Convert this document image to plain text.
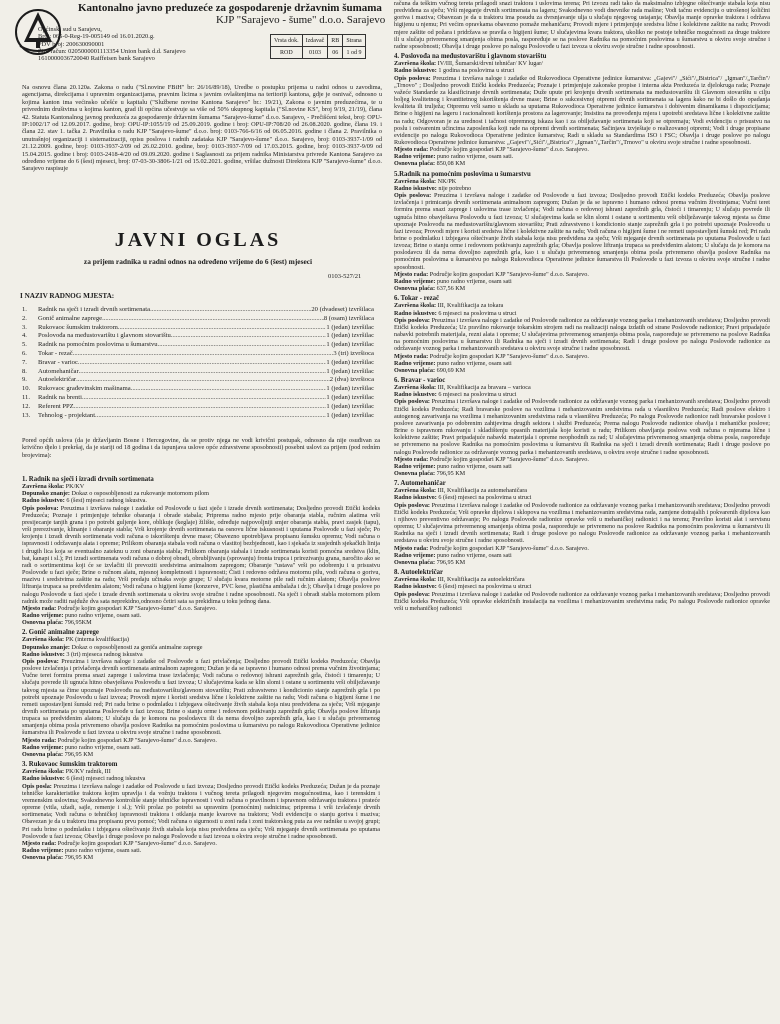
Kantonalno javno preduzeće za gospodarenje državnim šumama
KJP "Sarajevo - šume" d.o.o. Sarajevo
Općinski sud u Sarajevu,
Broj: 065-0-Reg-19-005149 od 16.01.2020.g.
PDV broj: 200630090001
Žiro račun: 0205000001113354 Union bank d.d. Sarajevo
1610000036720040 Raiffeisen bank Sarajevo
Vrsta dok.	Izdavač	RB	Strana
ROD	0103	06	1 od 9
Na osnovu člana 20.120a. Zakona o radu ("Sl.novine FBiH" br: 26/16/89/18), Uredbe o postupku prijema u radni odnos u zavodima, agencijama, direkcijama i upravnim organizacijama, pravnim licima s javnim ovlaštenjima na teritoriji kantona, gdje je osnivač, odnosno u kojima kanton ima većinsko učešće u kapitalu ("Službene novine Kantona Sarajevo" br.: 19/21), Zakona o javnim preduzećima, te u privrednim društvima u kojima kanton, grad ili općina učestvuje sa više od 50% ukupnog kapitala ("Sl.novine KS", broj 9/19, 21/19), člana 42. Statuta Kantonalnog javnog preduzeća za gospodarenje državnim šumama "Sarajevo-šume" d.o.o. Sarajevo, - Prečišćeni tekst, broj: OPU-IP:1002/17 od 12.09.2017. godine, broj: OPU-IP:1055/19 od 25.09.2019. godine i broj: OPU-IP:708/20 od 26.08.2020. godine, člana 19. i člana 22. stav 1. tačka 2. Pravilnika o radu KJP "Sarajevo-šume" d.o.o. broj: 0103-766-6/16 od 06.05.2016. godine i člana 2. Pravilnika o unutrašnjoj organizaciji i sistematizaciji, opisu poslova i radnih zadataka KJP "Sarajevo-šume" d.o.o. Sarajevo, broj: 0103-3937-1/09 od 21.12.2009. godine, broj: 0103-3937-2/09 od 26.02.2010. godine, broj: 0103-3937-7/09 od 17.03.2015. godine, broj: 0103-3937-9/09 od 15.04.2015. godine i broj: 0103-2418-4/20 od 09.09.2020. godine i Saglasnosti za prijem radnika Ministarstva privrede Kantona Sarajevo za određeno vrijeme do 6 (šest) mjeseci, broj: 07-03-30-3806-1/21 od 15.02.2021. godine, vršilac dužnosti Direktora KJP "Sarajevo-šume" d.o.o. Sarajevo raspisuje
JAVNI OGLAS
za prijem radnika u radni odnos na određeno vrijeme do 6 (šest) mjeseci
0103-527/21
I NAZIV RADNOG MJESTA:
1.	Radnik na sječi i izradi drvnih sortimenata .....	20 (dvadeset) izvršilaca
2.	Gonič animalne zaprege .....	8 (osam) izvršilaca
3.	Rukovaoc šumskim traktorom .....	1 (jedan) izvršilac
4.	Poslovođa na međustovarištu i glavnom stovarištu .....	1 (jedan) izvršilac
5.	Radnik na pomoćnim poslovima u šumarstvu .....	1 (jedan) izvršilac
6.	Tokar - rezač .....	3 (tri) izvršioca
7.	Bravar - varioc .....	1 (jedan) izvršilac
8.	Automehaničar .....	1 (jedan) izvršilac
9.	Autoelektričar .....	2 (dva) izvršioca
10.	Rukovaoc građevinskim mašinama .....	1 (jedan) izvršilac
11.	Radnik na brenti .....	1 (jedan) izvršilac
12.	Referent PPZ .....	1 (jedan) izvršilac
13.	Tehnolog - projektant .....	1 (jedan) izvršilac
Pored općih uslova (da je državljanin Bosne i Hercegovine, da se protiv njega ne vodi krivični postupak, odnosno da nije osuđivan za krivično djelo i prekršaj, da je stariji od 18 godina i da ispunjava uslove opće zdravstvene sposobnosti) posebni uslovi za prijem (pod redním brojevima):
1. Radnik na sječi i izradi drvnih sortimenata
Završena škola: PK/KV
Dopunsko znanje: Dokaz o osposobljenosti za rukovanje motornom pilom
Radno iskustvo: 6 (šest) mjeseci radnog iskustva.
Opis poslova: Preuzima i izvršava naloge i zadatke od Poslovođe u fazi sječe i izrade drvnih sortimenata; Dosljedno provodi Etički kodeks Preduzeća; Poznaje i primjenjuje tehnike obaranja i obrade stabala; Priprema radno mjesto prije obaranja stabla, ručnim alatima vrši presijecanje tanjih grana i po potrebi guljenje kore, oblikuje (keglaje) žilište, određuje najpovoljniji smjer obaranja stabla, pravi zasjek (tapu), vrši prerezivanje, klinanje i obaranje stabla; Vrši krojenje drvnih sortimenata na osnovu lične iskusnosti i uputama Poslovođe u fazi sječe; Po krojenju i izradi drvnih sortimenata vodi računa o iskorištenju drvne mase; Obavezno upotrebljava propisanu šumsku opremu; Vodi računa o ispravnosti i održavanju alata i opreme; Prilikom obaranja stabala vodi računa o vlastitoj bezbjednosti, kao i sjekača iz susjednih sjekačkih linija i drugih lica koja se eventualno zateknu u zoni obaranja stabla; Prilikom obaranja stabala i izrade sortimenata koristi pomoćna sredstva (klin, bat, kanapi i sl.); Pri izradi sortimenata vodi računa o dobroj obradi, obrubljivanju (sprovanju) fronta trupca i prirezivanju grana, naročito ako se radi o sortimentima koji će se izvlačiti ili prevoziti sredstvima animalnom zapregom; Obaranje "ustava" vrši po odobrenju i u prisustvu Poslovođe u fazi sječe; Brine o ručnom alatu, mjesnoj kompletnosti i ispravnosti; Čisti i redovno održava motornu pilu, vodi računa o gorivu, mazivu i sredstvima zaštite na radu; Vrši predaju učinaka svoje grupe; U slučaju kvara motorne pile radi ručnim alatom; Obavlja poslove liftranja trupaca sa predviđenim alatom; Vodi računa o higijeni šume (konzerve, PVC kese, plastična ambalaža i dr.); Obavlja i druge poslove po nalogu Poslovođe u fazi sječe i izrade drvnih sortimenata u okviru svoje stručne i radne sposobnosti. Na sječi i obradi stabla motornom pilom radnik može raditi najduže dva sata neprekidno,odnosno četiri sata sa prekidima u toku jednog dana.
Mjesto rada: Područje kojim gospodari KJP "Sarajevo-šume" d.o.o. Sarajevo.
Radno vrijeme: puno radno vrijeme, osam sati.
Osnovna plaća: 796,95KM
2. Gonič animalne zaprege
Završena škola: PK (interna kvalifikacija)
Dopunsko znanje: Dokaz o osposobljenosti za goniča animalne zaprege
Radno iskustvo: 3 (tri) mjeseca radnog iskustva
Opis poslova: Preuzima i izvršava naloge i zadatke od Poslovođe u fazi privlačenja; Dosljedno provodi Etički kodeks Preduzeća; Obavlja poslove izvlačenja i privlačenja drvnih sortimenata animalnom zapregom; Dužan je da se ispravno i humano odnosi prema vučnim životinjama; Vučne teret formira prema snazi zaprege i uslovima trase izvlačenja; Vodi računa o redovnoj ishrani zaprežnih grla, čistoći i timarenju; U slučaju povrede ili ugnuća hitno obavještava Poslovođu u fazi izvoza; U slučajevima kada se klin slomi i ostane u sortimentu vrši obilježavanje takvog mjesta sa čime upoznaje Poslovođu na međustovarištu/glavnom stovarištu; Prati zdravstveno i kondicionio stanje zaprežnih grla i po potrebi upoznaje Poslovođu u fazi izvoza; Provodi mjere i koristi sredstva lične i kolektivne zaštite na radu; Vodi računa o higijeni šume i ne remeti uspostavljeni šumski red; Pri radu brine o podmlatku i izbjegava oštećivanje živih stabala koja nisu predviđena za sječu; Vrši mjeganje drvnih sortimenata po uputama Poslovođe u fazi izvoza; Brine o stanju orme i redovnom potkivanju zaprežnih grla; Obavlja poslove liftranja trupaca sa predviđenim alatom; U slučaju da je komora na poslodavcu ili da nema dovoljno zaprežnih grla, kao i u slučaju privremenog smanjenja obima posla privremeno obavlja poslove Radnika na pomoćnim poslovima u šumarstvu po nalogu Rukovodioca Operativne jedinice šumarstva ili Poslovođe u fazi izvoza u okviru svoje stručne i radne sposobnosti.
Mjesto rada: Područje kojim gospodari KJP "Sarajevo-šume" d.o.o. Sarajevo.
Radno vrijeme: puno radno vrijeme, osam sati.
Osnovna plaća: 796,95 KM
3. Rukovaoc šumskim traktorom
Završena škola: PK/KV radnik, III
Radno iskustvo: 6 (šest) mjeseci radnog iskustva
Opis posla: Preuzima i izvršava naloge i zadatke od Poslovođe u fazi izvoza; Dosljedno provodi Etički kodeks Preduzeća; Dužan je da poznaje tehničke karakteristike traktora kojim upravlja i da vožnju traktora i vučnog tereta prilagodi njegovim mogućnostima, kao i terenskim i vremenskim uslovima; Svakodnevno kontroliše stanje tehničke ispravnosti i vodi računa o pravilnom i ispravnom održavanju traktora i prateće opreme (vitla, užadi, sajle, remenje i sl.); Vrši prolaz po potrebi sa upravnim (pomoćnim) radnicima; priprema i vrši izvlačenje drvnih sortimenata; Vodi računa o tehničkoj ispravnosti traktora i otklanja manje kvarove na traktoru; Vodi evidenciju o stanju goriva i maziva; Obavezan je da u traktoru ima propisanu prvu pomoć; Vodi računa o sigurnosti u zoni rada i zoni traktorskog puta za sve radnike u svojoj grupi; Pri radu brine o podmlatku i izbjegava oštećivanje živih stabala koja nisu predviđena za sječu; Vrši mjeganje drvnih sortimenata po uputama Poslovođe u fazi izvoza; Obavlja i druge poslove po nalogu Poslovođe u fazi izvoza u okviru svoje stručne i radne sposobnosti.
Mjesto rada: Područje kojim gospodari KJP "Sarajevo-šume" d.o.o. Sarajevo.
Radno vrijeme: puno radno vrijeme, osam sati.
Osnovna plaća: 796,95 KM
računa da teškim vučnog tereta prilagodi snazi traktora i uslovima terena; Pri izvozu radi tako da maksimalno izbjegne oštećivanje stabala koja nisu predviđena za sječu; Vrši mjeganje drvnih sortimenata na lageru; Svakodnevno vodi dnevnike rada mašine; Vodi tačnu evidenciju o utrošenoj količini goriva i maziva; Obavezan je da u traktoru ima posudu za dvrsnjavanje ulja u slučaju njegovog ustajanja; Obavlja manje opravke traktora i održava higijenu u njemu; Pri većim opravkama obavezno pomaže mehaničaru; Provodi mjere i primjenjuje sredstva lične i kolektivne zaštite na radu; Provodi mjere zaštite od požara i pridržava se pravila o higijeni šume; U slučajevima kvara traktora, ukoliko ne postoje tehničke mogućnosti za druge traktore ili u slučaju privremenog smanjenja obima posla, raspoređuje se na poslove Radnika na pomoćnim poslovima u šumarstvu u okviru svoje stručne i radne sposobnosti; Obavlja i druge poslove po nalogu Poslovođe u fazi izvoza u okviru svoje stručne i radne sposobnosti.
4. Poslovođa na međustovarištu i glavnom stovarištu
Završena škola: IV/III, Šumarski/drvni tehničar/ KV lugar/
Radno iskustvo: 1 godina na poslovima u struci
Opis poslova: Preuzima i izvršava naloge i zadatke od Rukovodioca Operativne jedinice šumarstva: „Gajevi"/ „Sići"/„Bistrica"/ „Igman"/„Tarčin"/„Trnovo" ; Dosljedno provodi Etički kodeks Preduzeća; Poznaje i primjenjuje zakonske propise i interna akta Preduzeća iz djelokruga rada; Poznaje važeće Standarde za klasificiranje drvnih sortimenata; Duže upute pri krojenju drvnih sortimenata na međustovarištu ili Glavnom stovarištu u cilju boljeg kvalitetnog i kvantitetnog iskorištenja drvne mase; Brine o sukcesivnoj otpremi drvnih sortimenata sa lagera kako ne bi došlo do opadanja kvaliteta ili trulježa; Otpremu vrši samo u skladu sa uputama Rukovodioca Operativne jedinice šumarstva i dobivenim dinamikama i dispozicijama; Brine o higijeni na lageru i racionalnosti korištenja prostora za lagerovanje; Insistira na provođenju mjera i upotrebi sredstava lične i kolektivne zaštite na radu; Odgovoran je za urednost i tačnost otpremnog iskaza kao i za obilježavanje sortimenata koji se otpremaju; Vodi evidenciju o prisustvu na poslu i ostvarenim učincima zaposlenika koji rade na otpremi drvnih sortimenata; Sačinjava izvještaje o realizovanoj otpremi; Vodi i druge propisane evidencije po nalogu Rukovodioca Operativne jedinice šumarstva; Radi u skladu sa Standardima ISO i FSC; Obavlja i druge poslove po nalogu Rukovodioca Operativne jedinice šumarstva: „Gajevi"/„Sići"/„Bistrica"/ „Igman"/„Tarčin"/„Trnovo" u okviru svoje stručne i radne sposobnosti.
Mjesto rada: Područje kojim gospodari KJP "Sarajevo-šume" d.o.o. Sarajevo.
Radno vrijeme: puno radno vrijeme, osam sati.
Osnovna plaća: 850,08 KM
5.Radnik na pomoćnim poslovima u šumarstvu
Završena škola: NK/PK
Radno iskustvo: nije potrebno
Opis poslova: Preuzima i izvršava naloge i zadatke od Poslovođe u fazi izvoza; Dosljedno provodi Etički kodeks Preduzeća; Obavlja poslove izvlačenja i primicanja drvnih sortimenata animalnom zapregom; Dužan je da se ispravno i humano odnosi prema vučnim životinjama; Vučni teret formira prema snazi zaprege i uslovima trase izvlačenja; Vodi računa o redovnoj ishrani zaprežnih grla, čistoći i timarenju; U slučaju povrede ili ugnuća hitno obavještava Poslovođu u fazi izvoza; U slučajevima kada se klin slomi i ostane u sortimentu vrši obilježavanje takvog mjesta sa čime upoznaje Poslovođu na međustovarištu/glavnom stovarištu; Prati zdravstveno i kondicionio stanje zaprežnih grla i po potrebi upoznaje Poslovođu u fazi izvoza; Provodi mjere i koristi sredstva lične i kolektivne zaštite na radu; Vodi računa o higijeni šume i ne remeti uspostavljeni šumski red; Pri radu brine o podmlatku i izbjegava oštećivanje živih stabala koja nisu predviđena za sječu; Vrši mjeganje drvnih sortimenata po uputama Poslovođe u fazi izvoza; Brine o stanju orme i redovnom potkivanju zaprežnih grla; Obavlja poslove liftranja trupaca sa predviđenim alatom; U slučaju da je komora na poslodavcu ili da nema dovoljno zaprežnih grla, kao i u slučaju privremenog smanjenja obima posla privremeno obavlja poslove Radnika na pomoćnim poslovima u šumarstvu po nalogu Rukovodioca Operativne jedinice šumarstva ili Poslovođe u fazi izvoza u okviru svoje stručne i radne sposobnosti.
Mjesto rada: Područje kojim gospodari KJP "Sarajevo-šume" d.o.o. Sarajevo.
Radno vrijeme: puno radno vrijeme, osam sati
Osnovna plaća: 637,56 KM
6. Tokar - rezač
Završena škola: III, Kvalifikacija za tokara
Radno iskustvo: 6 mjeseci na poslovima u struci
Opis poslova: Preuzima i izvršava naloge i zadatke od Poslovođe radionice za održavanje voznog parka i mehanizovanih sredstava; Dosljedno provodi Etički kodeks Preduzeća; Uz pravilno rukovanje tokarskim strojem radi na realizaciji naloga izdatih od strane Poslovođe radionice; Pravi pripadajuće nabavki potrebnih materijala, rezni alata i opreme; U slučajevima privremenog smanjenja obima posla, raspoređuje se privremeno na poslove Radnika na pomoćnim poslovima u šumarstvu ili Radnika na sječi i izradi drvnih sortimenata; Radi i druge poslove po nalogu Poslovođe radionice za održavanje voznog parka i mehanizovanih sredstava u okviru svoje stručne i radne sposobnosti.
Mjesto rada: Područje kojim gospodari KJP "Sarajevo-šume" d.o.o. Sarajevo.
Radno vrijeme: puno radno vrijeme, osam sati
Osnovna plaća: 690,69 KM
6. Bravar - varioc
Završena škola: III, Kvalifikacija za bravara – varioca
Radno iskustvo: 6 mjeseci na poslovima u struci
Opis poslova: Preuzima i izvršava naloge i zadatke od Poslovođe radionice za održavanje voznog parka i mehanizovanih sredstava; Dosljedno provodi Etički kodeks Preduzeća; Radi bravarske poslove na vozilima i mehanizovanim sredstvima rada u vlasništvu Preduzeća; Radi poslove elektro i autogenog zavarivanja na vozilima i mehanizovanim sredstvima rada u vlasništvu Preduzeća; Po nalogu Poslovođe radionice radi bravarske poslove i poslove zavarivanja po odobrenim zahtjevima drugih sektora i službi Preduzeća; Prema nalogu Poslovođe radionice obavlja i mehaničke poslove; Brine o ispravnom rukovanju i skladištenju opasnih materijala koje koristi u radu; Prilikom obavljanja poslova vodi računa o mjerama lične i kolektivne zaštite; Pravi pripadajuće nabavki materijala i opreme neophodnih za rad; U slučajevima privremenog smanjenja obima posla, raspoređuje se privremeno na poslove Radnika na pomoćnim poslovima u šumarstvu ili Radnika na sječi i izradi drvnih sortimenata; Radi i druge poslove po nalogu Poslovođe radionice za održavanje voznog parka i mehanizovanih sredstava, u okviru svoje stručne i radne sposobnosti.
Mjesto rada: Područje kojim gospodari KJP "Sarajevo-šume" d.o.o. Sarajevo.
Radno vrijeme: puno radno vrijeme, osam sati
Osnovna plaća: 796,95 KM
7. Automehaničar
Završena škola: III, Kvalifikacija za automehaničara
Radno iskustvo: 6 (šest) mjeseci na poslovima u struci
Opis poslova: Preuzima i izvršava naloge i zadatke od Poslovođe radionice za održavanje voznog parka i mehanizovanih sredstava; Dosljedno provodi Etički kodeks Preduzeća; Vrši opravke dijelova i sklopova na vozilima i mehanizovanim sredstvima rada, zamjene dotrajalih i pokvarenih dijelova kao i njihovo preventivno održavanje; Po nalogu Poslovođe radionice opravke vrši u mehaničkoj radionici i na terenu; Pravilno koristi alat i servisnu opremu; U slučajevima privremenog smanjenja obima posla, raspoređuje se privremeno na poslove Radnika na pomoćnim poslovima u šumarstvu ili Radnika na sječi i izradi drvnih sortimenata; Radi i druge poslove po nalogu Poslovođe radionice za održavanje voznog parka i mehanizovanih sredstava u okviru svoje stručne i radne sposobnosti.
Mjesto rada: Područje kojim gospodari KJP "Sarajevo-šume" d.o.o. Sarajevo.
Radno vrijeme: puno radno vrijeme, osam sati
Osnovna plaća: 796,95 KM
8. Autoelektričar
Završena škola: III, Kvalifikacija za autoelektričara
Radno iskustvo: 6 (šest) mjeseci na poslovima u struci
Opis poslova: Preuzima i izvršava naloge i zadatke od Poslovođe radionice za održavanje voznog parka i mehanizovanih sredstava; Dosljedno provodi Etički kodeks Preduzeća; Vrši opravke električnih instalacija na vozilima i mehanizovanim sredstvima rada; Po nalogu Poslovođe radionice opravke vrši u mehaničkoj radionici
